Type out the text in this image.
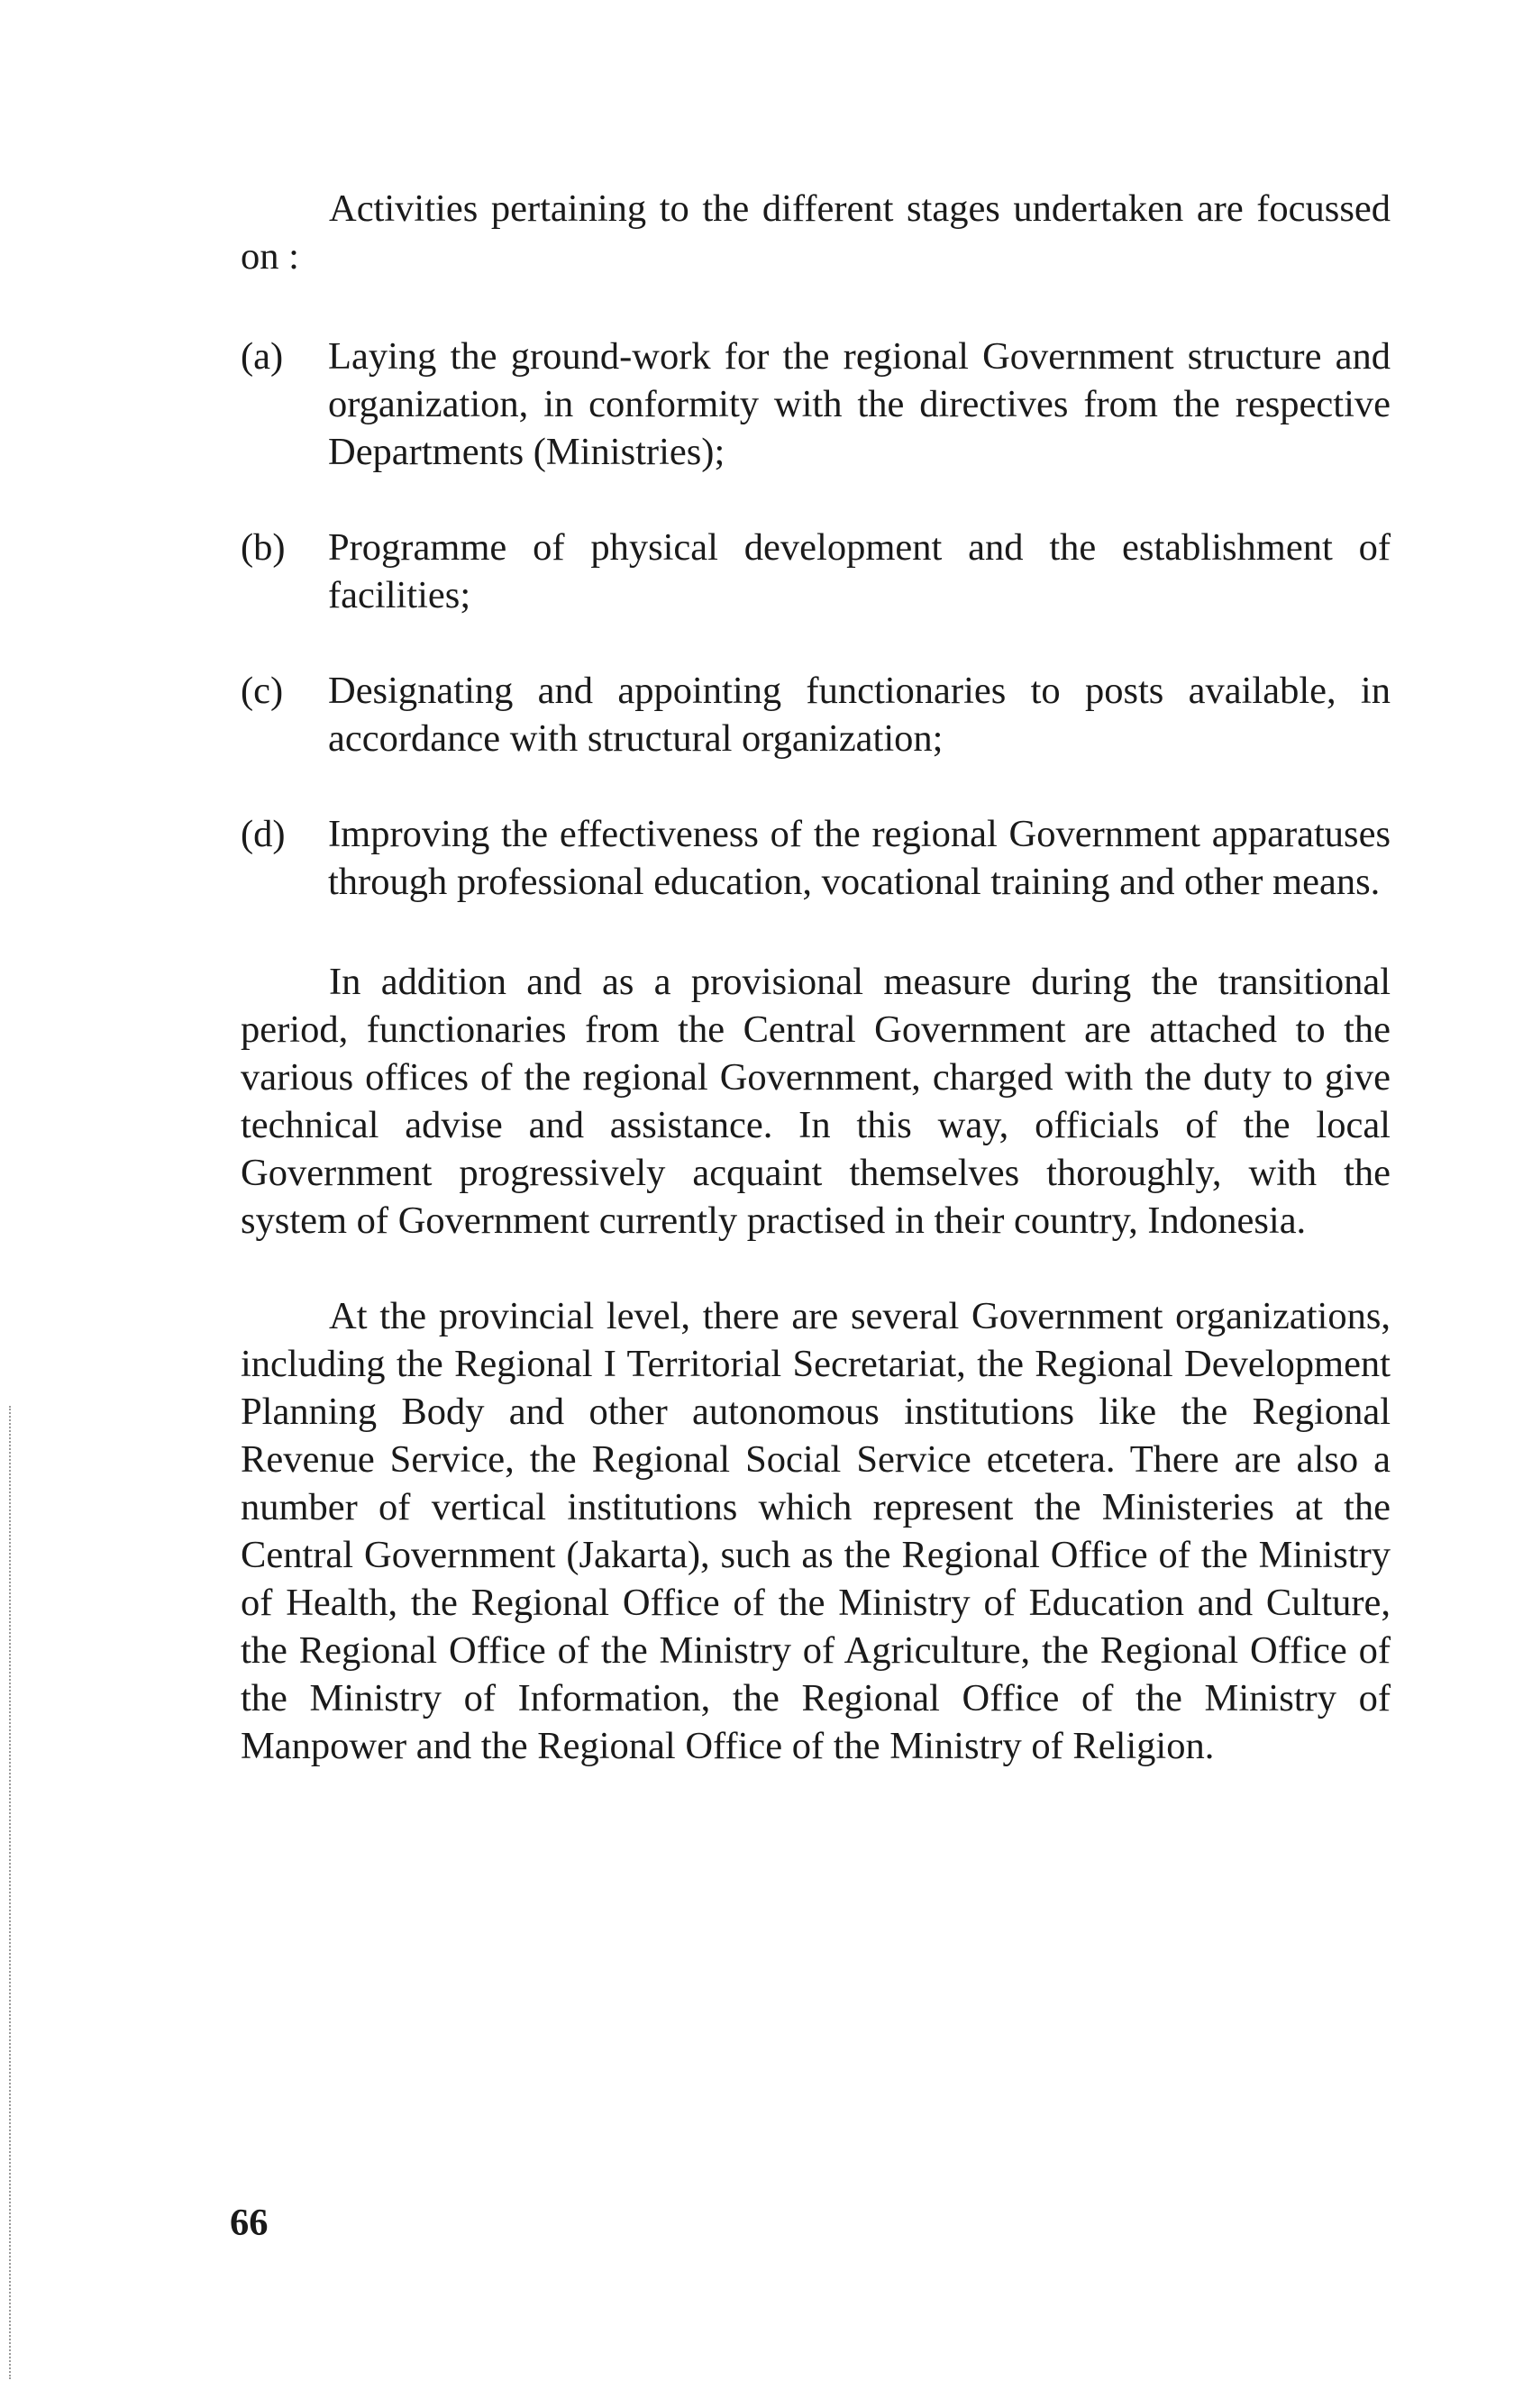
Activities pertaining to the different stages undertaken are focussed on :

(a)	Laying the ground-work for the regional Government structure and organization, in conformity with the directives from the respective Departments (Ministries);

(b)	Programme of physical development and the establishment of facilities;

(c)	Designating and appointing functionaries to posts available, in accordance with structural organization;

(d)	Improving the effectiveness of the regional Government apparatuses through professional education, vocational training and other means.

In addition and as a provisional measure during the transitional period, functionaries from the Central Government are attached to the various offices of the regional Government, charged with the duty to give technical advise and assistance. In this way, officials of the local Government progressively acquaint themselves thoroughly, with the system of Government currently practised in their country, Indonesia.

At the provincial level, there are several Government organizations, including the Regional I Territorial Secretariat, the Regional Development Planning Body and other autonomous institutions like the Regional Revenue Service, the Regional Social Service etcetera. There are also a number of vertical institutions which represent the Ministeries at the Central Government (Jakarta), such as the Regional Office of the Ministry of Health, the Regional Office of the Ministry of Education and Culture, the Regional Office of the Ministry of Agriculture, the Regional Office of the Ministry of Information, the Regional Office of the Ministry of Manpower and the Regional Office of the Ministry of Religion.

66
